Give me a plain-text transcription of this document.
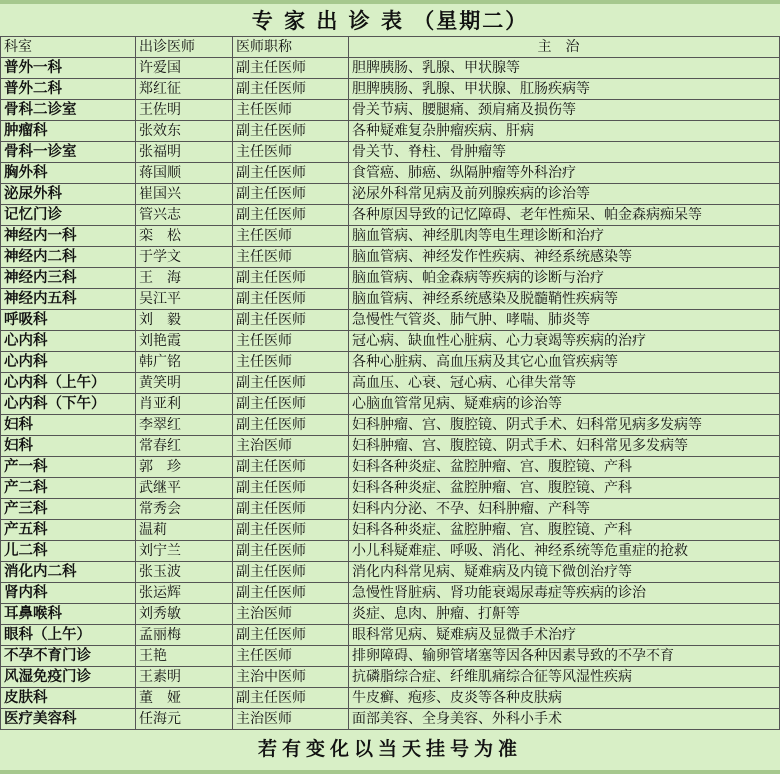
专 家 出 诊 表 （星期二）
科室	出诊医师	医师职称	主治
普外一科	许爱国	副主任医师	胆脾胰肠、乳腺、甲状腺等
普外二科	郑红征	副主任医师	胆脾胰肠、乳腺、甲状腺、肛肠疾病等
骨科二诊室	王佐明	主任医师	骨关节病、腰腿痛、颈肩痛及损伤等
肿瘤科	张效东	副主任医师	各种疑难复杂肿瘤疾病、肝病
骨科一诊室	张福明	主任医师	骨关节、脊柱、骨肿瘤等
胸外科	蒋国顺	副主任医师	食管癌、肺癌、纵隔肿瘤等外科治疗
泌尿外科	崔国兴	副主任医师	泌尿外科常见病及前列腺疾病的诊治等
记忆门诊	管兴志	副主任医师	各种原因导致的记忆障碍、老年性痴呆、帕金森病痴呆等
神经内一科	栾　松	主任医师	脑血管病、神经肌肉等电生理诊断和治疗
神经内二科	于学文	主任医师	脑血管病、神经发作性疾病、神经系统感染等
神经内三科	王　海	副主任医师	脑血管病、帕金森病等疾病的诊断与治疗
神经内五科	吴江平	副主任医师	脑血管病、神经系统感染及脱髓鞘性疾病等
呼吸科	刘　毅	副主任医师	急慢性气管炎、肺气肿、哮喘、肺炎等
心内科	刘艳霞	主任医师	冠心病、缺血性心脏病、心力衰竭等疾病的治疗
心内科	韩广铭	主任医师	各种心脏病、高血压病及其它心血管疾病等
心内科（上午）	黄笑明	副主任医师	高血压、心衰、冠心病、心律失常等
心内科（下午）	肖亚利	副主任医师	心脑血管常见病、疑难病的诊治等
妇科	李翠红	副主任医师	妇科肿瘤、宫、腹腔镜、阴式手术、妇科常见病多发病等
妇科	常春红	主治医师	妇科肿瘤、宫、腹腔镜、阴式手术、妇科常见多发病等
产一科	郭　珍	副主任医师	妇科各种炎症、盆腔肿瘤、宫、腹腔镜、产科
产二科	武继平	副主任医师	妇科各种炎症、盆腔肿瘤、宫、腹腔镜、产科
产三科	常秀会	副主任医师	妇科内分泌、不孕、妇科肿瘤、产科等
产五科	温莉	副主任医师	妇科各种炎症、盆腔肿瘤、宫、腹腔镜、产科
儿二科	刘宁兰	副主任医师	小儿科疑难症、呼吸、消化、神经系统等危重症的抢救
消化内二科	张玉波	副主任医师	消化内科常见病、疑难病及内镜下微创治疗等
肾内科	张运辉	副主任医师	急慢性肾脏病、肾功能衰竭尿毒症等疾病的诊治
耳鼻喉科	刘秀敏	主治医师	炎症、息肉、肿瘤、打鼾等
眼科（上午）	孟丽梅	副主任医师	眼科常见病、疑难病及显微手术治疗
不孕不育门诊	王艳	主任医师	排卵障碍、输卵管堵塞等因各种因素导致的不孕不育
风湿免疫门诊	王素明	主治中医师	抗磷脂综合症、纤维肌痛综合征等风湿性疾病
皮肤科	董　娅	副主任医师	牛皮癣、疱疹、皮炎等各种皮肤病
医疗美容科	任海元	主治医师	面部美容、全身美容、外科小手术
若有变化以当天挂号为准
